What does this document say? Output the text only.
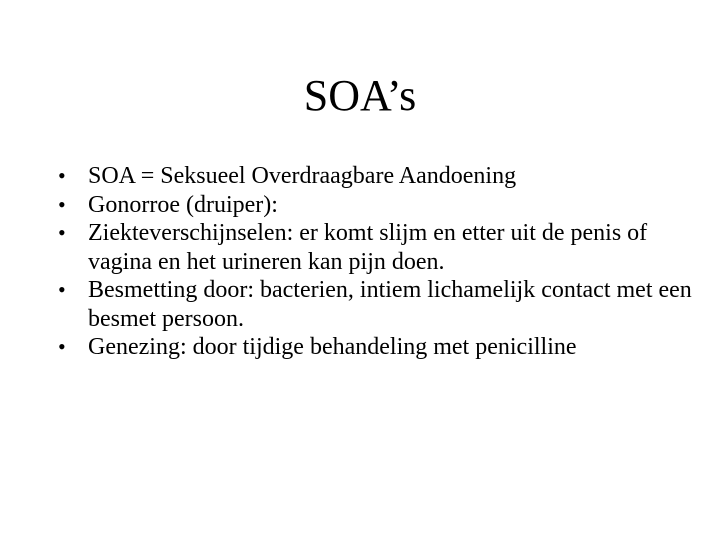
SOA’s
• SOA = Seksueel Overdraagbare Aandoening
• Gonorroe (druiper):
• Ziekteverschijnselen: er komt slijm en etter uit de penis of vagina en het urineren kan pijn doen.
• Besmetting door: bacterien, intiem lichamelijk contact met een besmet persoon.
• Genezing: door tijdige behandeling met penicilline
